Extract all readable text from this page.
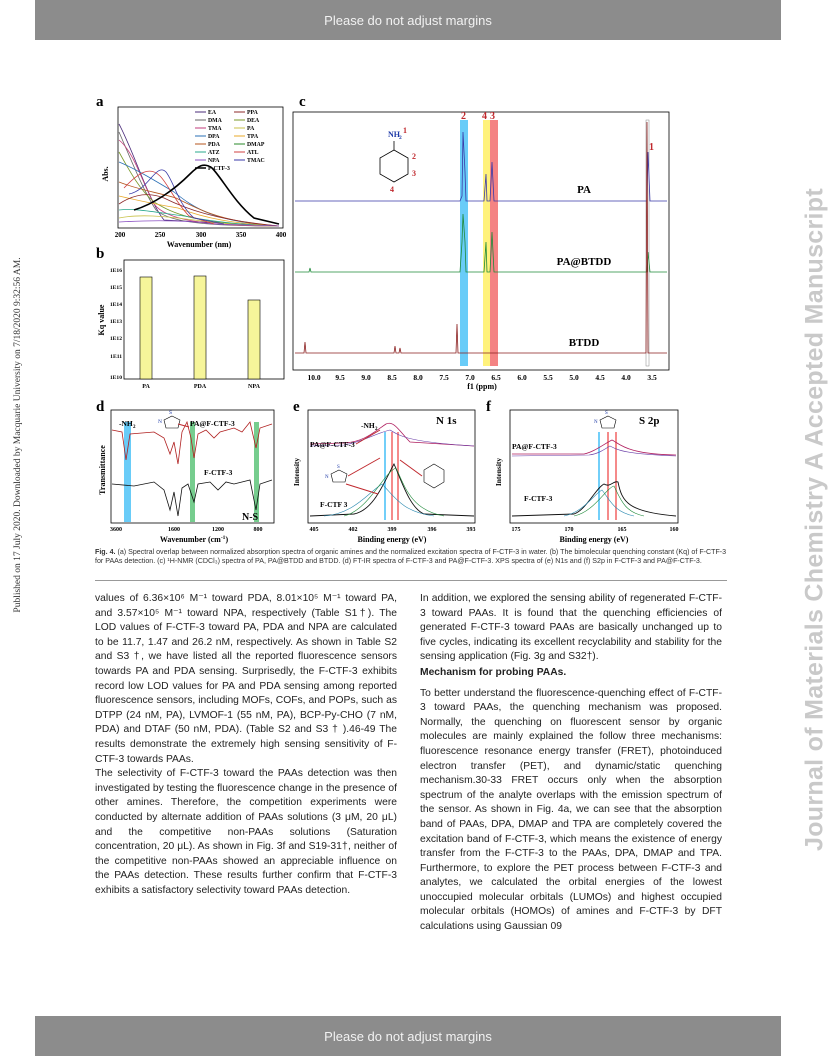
Please do not adjust margins
Published on 17 July 2020. Downloaded by Macquarie University on 7/18/2020 9:32:56 AM.	Journal of Materials Chemistry A Accepted Manuscript
a
Abs.
200	250	300	350	400
Wavenumber (nm)
EA
DMA
TMA
DPA
PDA
ATZ
NPA
F-CTF-3
PPA
DEA
PA
TPA
DMAP
ATL
TMAC
b
Kq value
1E16
1E15
1E14
1E13
1E12
1E11
1E10
PA	PDA	NPA
c
2 4 3
1
NH 2
1
2
3
4	PA
PA@BTDD
BTDD
10.0 9.5 9.0 8.5 8.0 7.5 7.0 6.5 6.0 5.5 5.0 4.5 4.0 3.5
f1 (ppm)
d
Transmittance
-NH 2	PA@F-CTF-3
F-CTF-3
N-S
S
N
3600	1600	1200	800
Wavenumber $(cm^{-1})$
e
Intensity
N 1s
-NH 2
PA@F-CTF-3
F-CTF 3
S
N
405	402	399	396	393
Binding energy (eV)
f
Intensity
S 2p
PA@F-CTF-3
F-CTF-3
S
N
175	170	165	160
Binding energy (eV)
Fig. 4. (a) Spectral overlap between normalized absorption spectra of organic amines and the normalized excitation spectra of F-CTF-3 in water. (b) The bimolecular quenching constant (Kq) of F-CTF-3 for PAAs detection. (c) ¹H-NMR (CDCl₃) spectra of PA, PA@BTDD and BTDD. (d) FT-IR spectra of F-CTF-3 and PA@F-CTF-3. XPS spectra of (e) N1s and (f) S2p in F-CTF-3 and PA@F-CTF-3.

values of 6.36×10⁶ M⁻¹ toward PDA, 8.01×10⁵ M⁻¹ toward PA, and 3.57×10⁵ M⁻¹ toward NPA, respectively (Table S1†). The LOD values of F-CTF-3 toward PA, PDA and NPA are calculated to be 11.7, 1.47 and 26.2 nM, respectively. As shown in Table S2 and S3 †, we have listed all the reported fluorescence sensors towards PA and PDA sensing. Surprisedly, the F-CTF-3 exhibits record low LOD values for PA and PDA sensing among reported fluorescence sensors, including MOFs, COFs, and POPs, such as DTPP (24 nM, PA), LVMOF-1 (55 nM, PA), BCP-Py-CHO (7 nM, PDA) and DTAF (50 nM, PDA). (Table S2 and S3 † ).46-49 The results demonstrate the extremely high sensing sensitivity of F-CTF-3 towards PAAs.

The selectivity of F-CTF-3 toward the PAAs detection was then investigated by testing the fluorescence change in the presence of other amines. Therefore, the competition experiments were conducted by alternate addition of PAAs solutions (3 μM, 20 μL) and the competitive non-PAAs solutions (Saturation concentration, 20 μL). As shown in Fig. 3f and S19-31†, neither of the competitive non-PAAs showed an appreciable influence on the PAAs detection. These results further confirm that F-CTF-3 exhibits a satisfactory selectivity toward PAAs detection.

In addition, we explored the sensing ability of regenerated F-CTF-3 toward PAAs. It is found that the quenching efficiencies of generated F-CTF-3 toward PAAs are basically unchanged up to five cycles, indicating its excellent recyclability and stability for the sensing application (Fig. 3g and S32†).

Mechanism for probing PAAs.

To better understand the fluorescence-quenching effect of F-CTF-3 toward PAAs, the quenching mechanism was proposed. Normally, the quenching on fluorescent sensor by organic molecules are mainly explained the follow three mechanisms: fluorescence resonance energy transfer (FRET), photoinduced electron transfer (PET), and dynamic/static quenching mechanism.30-33 FRET occurs only when the absorption spectrum of the analyte overlaps with the emission spectrum of the sensor. As shown in Fig. 4a, we can see that the absorption band of PAAs, DPA, DMAP and TPA are completely covered the excitation band of F-CTF-3, which means the existence of energy transfer from the F-CTF-3 to the PAAs, DPA, DMAP and TPA. Furthermore, to explore the PET process between F-CTF-3 and analytes, we calculated the orbital energies of the lowest unoccupied molecular orbitals (LUMOs) and highest occupied molecular orbitals (HOMOs) of amines and F-CTF-3 by DFT calculations using Gaussian 09

Please do not adjust margins
